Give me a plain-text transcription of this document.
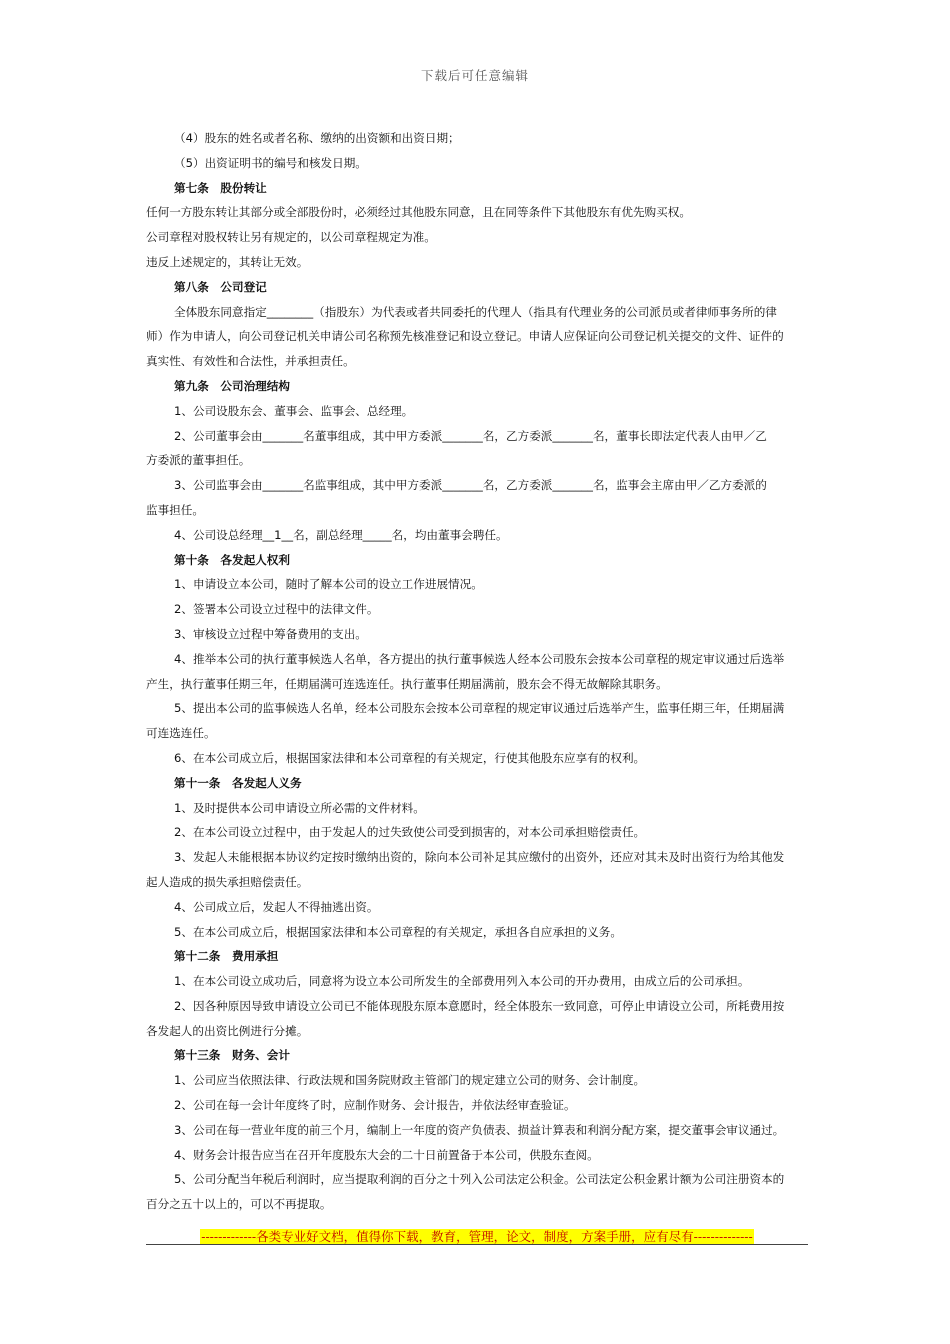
下载后可任意编辑
（4）股东的姓名或者名称、缴纳的出资额和出资日期；
（5）出资证明书的编号和核发日期。
第七条　股份转让
任何一方股东转让其部分或全部股份时，必须经过其他股东同意，且在同等条件下其他股东有优先购买权。
公司章程对股权转让另有规定的，以公司章程规定为准。
违反上述规定的，其转让无效。
第八条　公司登记
全体股东同意指定________（指股东）为代表或者共同委托的代理人（指具有代理业务的公司派员或者律师事务所的律
师）作为申请人，向公司登记机关申请公司名称预先核准登记和设立登记。申请人应保证向公司登记机关提交的文件、证件的
真实性、有效性和合法性，并承担责任。
第九条　公司治理结构
1、公司设股东会、董事会、监事会、总经理。
2、公司董事会由_______名董事组成，其中甲方委派_______名，乙方委派_______名，董事长即法定代表人由甲／乙
方委派的董事担任。
3、公司监事会由_______名监事组成，其中甲方委派_______名，乙方委派_______名，监事会主席由甲／乙方委派的
监事担任。
4、公司设总经理__1__名，副总经理_____名，均由董事会聘任。
第十条　各发起人权利
1、申请设立本公司，随时了解本公司的设立工作进展情况。
2、签署本公司设立过程中的法律文件。
3、审核设立过程中筹备费用的支出。
4、推举本公司的执行董事候选人名单，各方提出的执行董事候选人经本公司股东会按本公司章程的规定审议通过后选举
产生，执行董事任期三年，任期届满可连选连任。执行董事任期届满前，股东会不得无故解除其职务。
5、提出本公司的监事候选人名单，经本公司股东会按本公司章程的规定审议通过后选举产生，监事任期三年，任期届满
可连选连任。
6、在本公司成立后，根据国家法律和本公司章程的有关规定，行使其他股东应享有的权利。
第十一条　各发起人义务
1、及时提供本公司申请设立所必需的文件材料。
2、在本公司设立过程中，由于发起人的过失致使公司受到损害的，对本公司承担赔偿责任。
3、发起人未能根据本协议约定按时缴纳出资的，除向本公司补足其应缴付的出资外，还应对其未及时出资行为给其他发
起人造成的损失承担赔偿责任。
4、公司成立后，发起人不得抽逃出资。
5、在本公司成立后，根据国家法律和本公司章程的有关规定，承担各自应承担的义务。
第十二条　费用承担
1、在本公司设立成功后，同意将为设立本公司所发生的全部费用列入本公司的开办费用，由成立后的公司承担。
2、因各种原因导致申请设立公司已不能体现股东原本意愿时，经全体股东一致同意，可停止申请设立公司，所耗费用按
各发起人的出资比例进行分摊。
第十三条　财务、会计
1、公司应当依照法律、行政法规和国务院财政主管部门的规定建立公司的财务、会计制度。
2、公司在每一会计年度终了时，应制作财务、会计报告，并依法经审查验证。
3、公司在每一营业年度的前三个月，编制上一年度的资产负债表、损益计算表和利润分配方案，提交董事会审议通过。
4、财务会计报告应当在召开年度股东大会的二十日前置备于本公司，供股东查阅。
5、公司分配当年税后利润时，应当提取利润的百分之十列入公司法定公积金。公司法定公积金累计额为公司注册资本的
百分之五十以上的，可以不再提取。
-------------各类专业好文档，值得你下载，教育，管理，论文，制度，方案手册，应有尽有--------------
